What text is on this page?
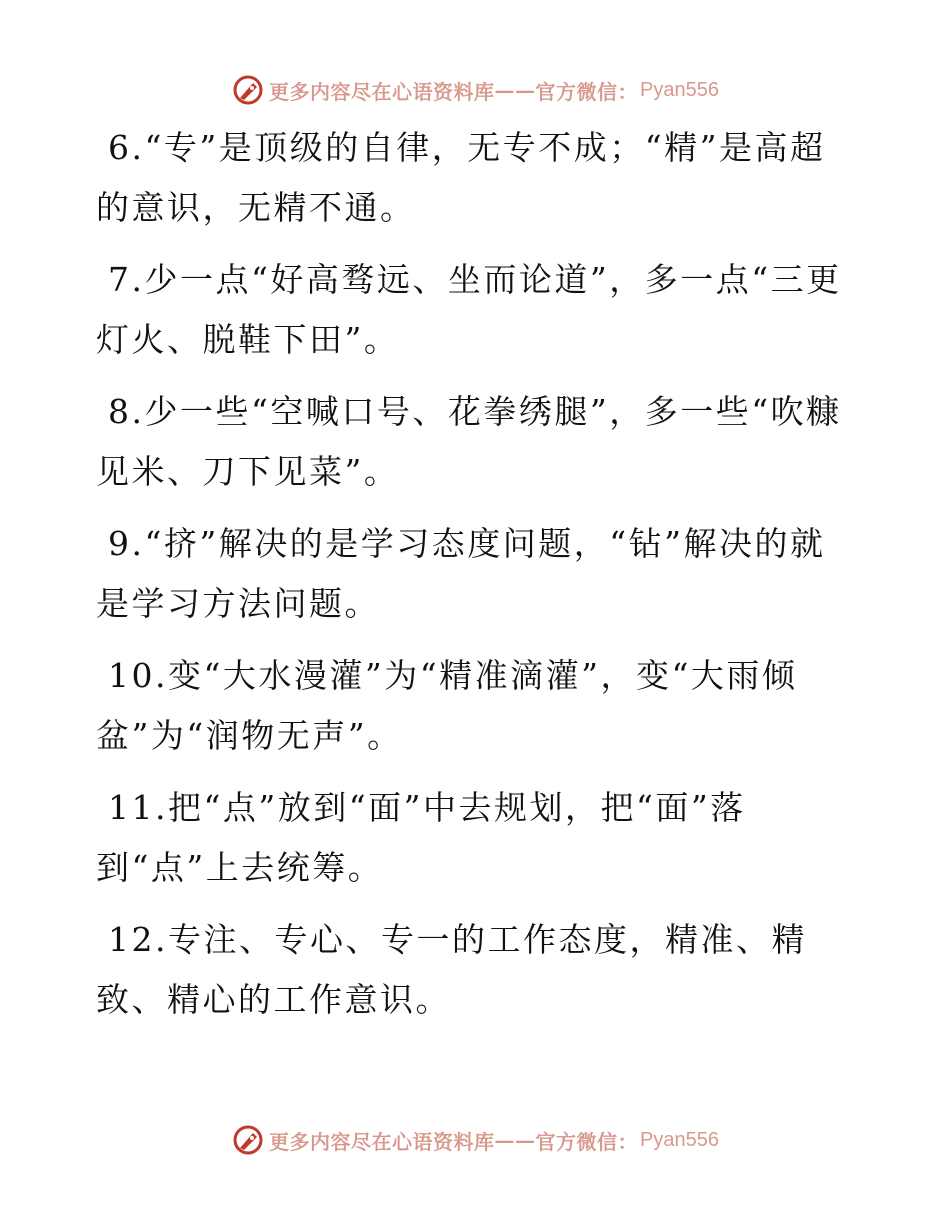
更多内容尽在心语资料库 —— 官方微信： Pyan556

6.“专”是顶级的自律，无专不成；“精”是高超的意识，无精不通。

7.少一点“好高骛远、坐而论道”，多一点“三更灯火、脱鞋下田”。

8.少一些“空喊口号、花拳绣腿”，多一些“吹糠见米、刀下见菜”。

9.“挤”解决的是学习态度问题，“钻”解决的就是学习方法问题。

10.变“大水漫灌”为“精准滴灌”，变“大雨倾盆”为“润物无声”。

11.把“点”放到“面”中去规划，把“面”落到“点”上去统筹。

12.专注、专心、专一的工作态度，精准、精致、精心的工作意识。

更多内容尽在心语资料库 —— 官方微信： Pyan556
